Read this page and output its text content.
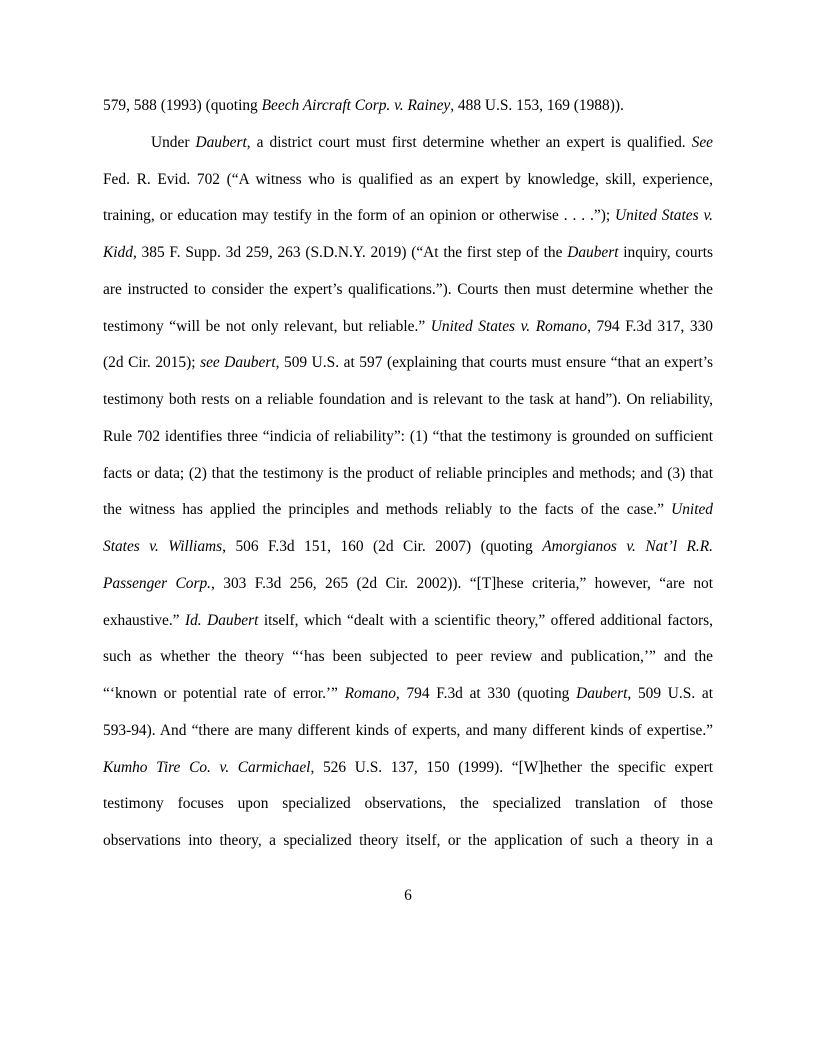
579, 588 (1993) (quoting Beech Aircraft Corp. v. Rainey, 488 U.S. 153, 169 (1988)).
Under Daubert, a district court must first determine whether an expert is qualified. See
Fed. R. Evid. 702 (“A witness who is qualified as an expert by knowledge, skill, experience,
training, or education may testify in the form of an opinion or otherwise . . . .”); United States v.
Kidd, 385 F. Supp. 3d 259, 263 (S.D.N.Y. 2019) (“At the first step of the Daubert inquiry, courts
are instructed to consider the expert’s qualifications.”). Courts then must determine whether the
testimony “will be not only relevant, but reliable.” United States v. Romano, 794 F.3d 317, 330
(2d Cir. 2015); see Daubert, 509 U.S. at 597 (explaining that courts must ensure “that an expert’s
testimony both rests on a reliable foundation and is relevant to the task at hand”). On reliability,
Rule 702 identifies three “indicia of reliability”: (1) “that the testimony is grounded on sufficient
facts or data; (2) that the testimony is the product of reliable principles and methods; and (3) that
the witness has applied the principles and methods reliably to the facts of the case.” United
States v. Williams, 506 F.3d 151, 160 (2d Cir. 2007) (quoting Amorgianos v. Nat’l R.R.
Passenger Corp., 303 F.3d 256, 265 (2d Cir. 2002)). “[T]hese criteria,” however, “are not
exhaustive.” Id. Daubert itself, which “dealt with a scientific theory,” offered additional factors,
such as whether the theory “‘has been subjected to peer review and publication,’” and the
“‘known or potential rate of error.’” Romano, 794 F.3d at 330 (quoting Daubert, 509 U.S. at
593-94). And “there are many different kinds of experts, and many different kinds of expertise.”
Kumho Tire Co. v. Carmichael, 526 U.S. 137, 150 (1999). “[W]hether the specific expert
testimony focuses upon specialized observations, the specialized translation of those
observations into theory, a specialized theory itself, or the application of such a theory in a
6
